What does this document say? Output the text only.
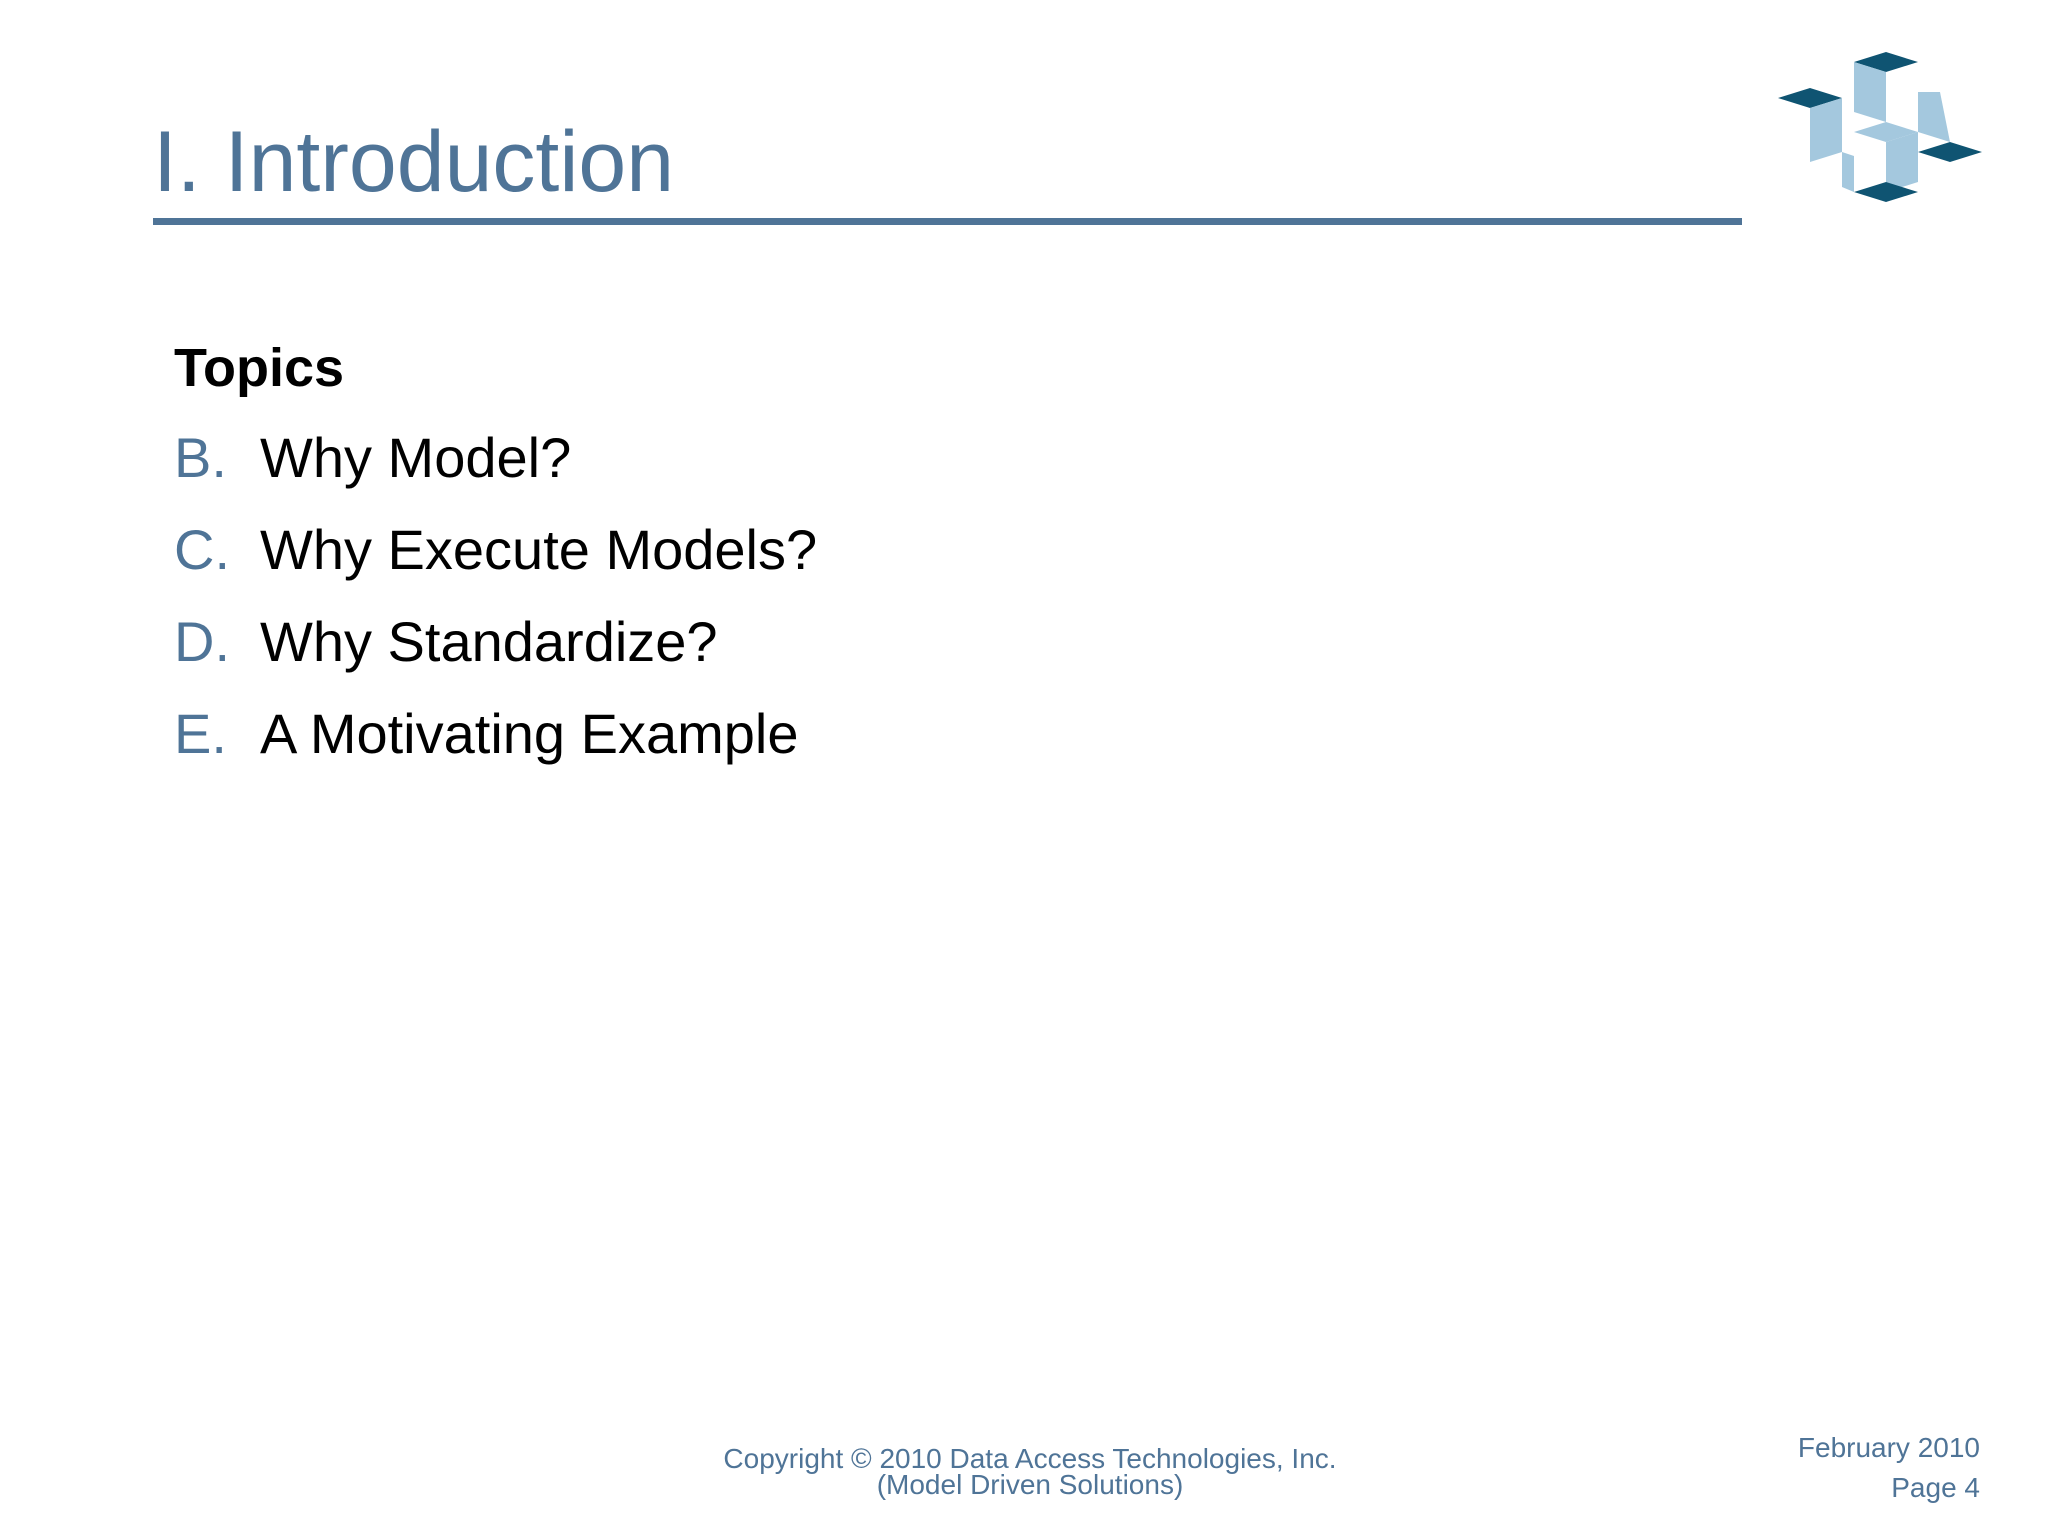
I. Introduction
Topics
B. Why Model?
C. Why Execute Models?
D. Why Standardize?
E. A Motivating Example
Copyright © 2010 Data Access Technologies, Inc.
(Model Driven Solutions)
February 2010
Page 4
